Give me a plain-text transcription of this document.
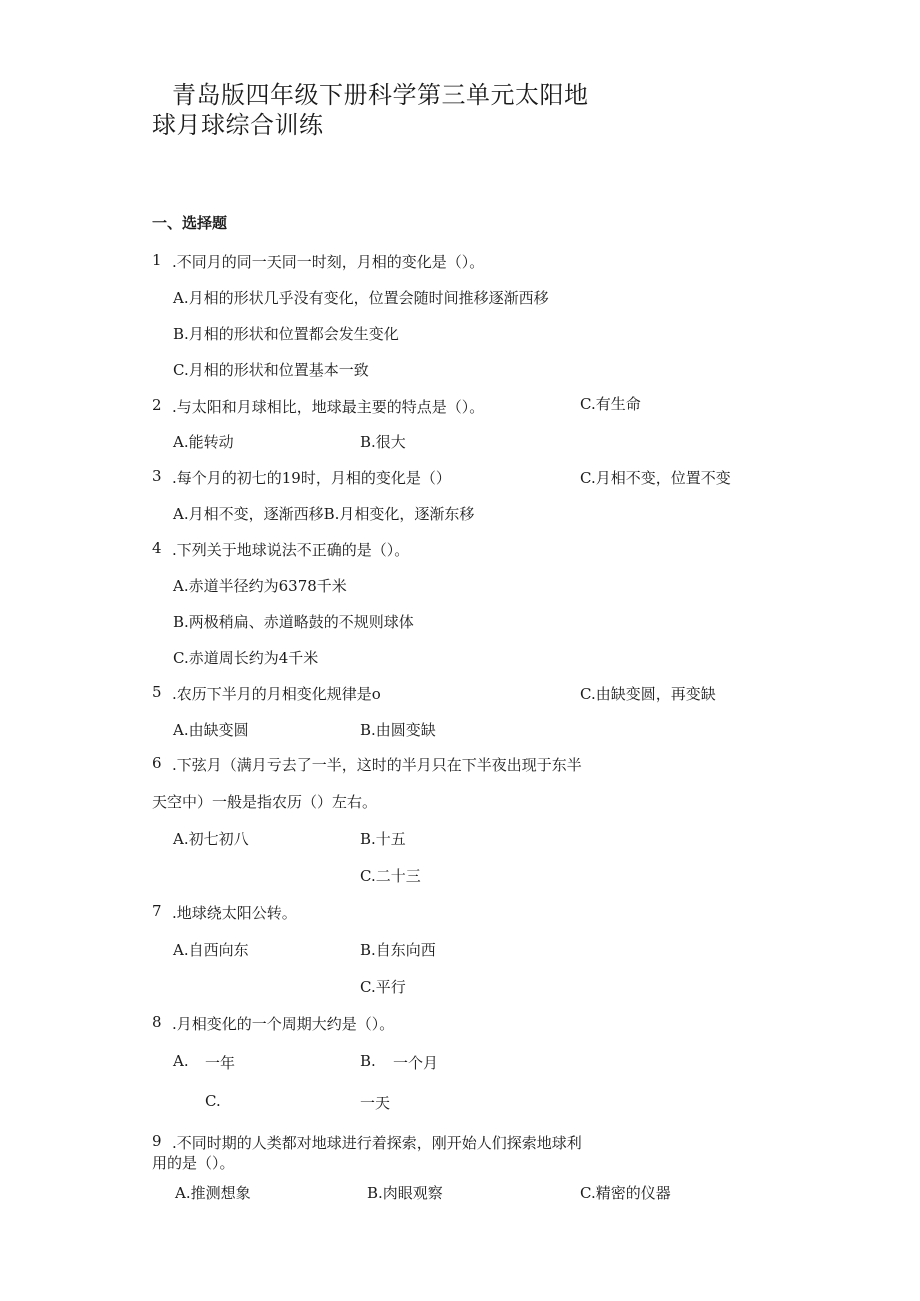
青岛版四年级下册科学第三单元太阳地
球月球综合训练
一、选择题
1 .不同月的同一天同一时刻，月相的变化是（）。
A.月相的形状几乎没有变化，位置会随时间推移逐渐西移
B.月相的形状和位置都会发生变化
C.月相的形状和位置基本一致
2 .与太阳和月球相比，地球最主要的特点是（）。	C.有生命
A.能转动	B.很大
3 .每个月的初七的19时，月相的变化是（）	C.月相不变，位置不变
A.月相不变，逐渐西移B.月相变化，逐渐东移
4 .下列关于地球说法不正确的是（）。
A.赤道半径约为6378千米
B.两极稍扁、赤道略鼓的不规则球体
C.赤道周长约为4千米
5 .农历下半月的月相变化规律是o	C.由缺变圆，再变缺
A.由缺变圆	B.由圆变缺
6 .下弦月（满月亏去了一半，这时的半月只在下半夜出现于东半
天空中）一般是指农历（）左右。
A.初七初八	B.十五
C.二十三
7 .地球绕太阳公转。
A.自西向东	B.自东向西
C.平行
8 .月相变化的一个周期大约是（）。
A. 一年	B. 一个月
C.	一天
9 .不同时期的人类都对地球进行着探索，刚开始人们探索地球利
用的是（）。
A.推测想象	B.肉眼观察	C.精密的仪器
